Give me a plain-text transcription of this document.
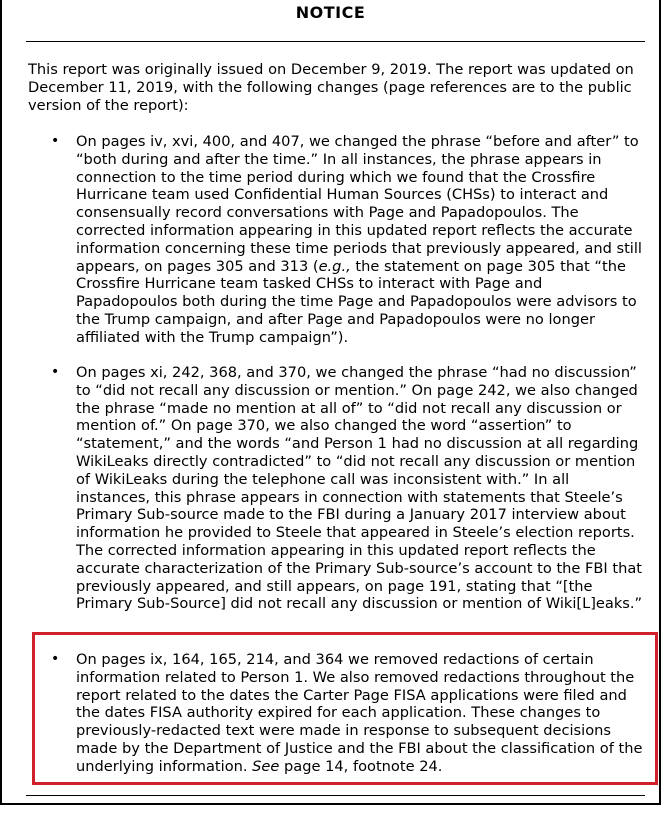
NOTICE
This report was originally issued on December 9, 2019. The report was updated on December 11, 2019, with the following changes (page references are to the public version of the report):
• On pages iv, xvi, 400, and 407, we changed the phrase “before and after” to “both during and after the time.” In all instances, the phrase appears in connection to the time period during which we found that the Crossfire Hurricane team used Confidential Human Sources (CHSs) to interact and consensually record conversations with Page and Papadopoulos. The corrected information appearing in this updated report reflects the accurate information concerning these time periods that previously appeared, and still appears, on pages 305 and 313 (e.g., the statement on page 305 that “the Crossfire Hurricane team tasked CHSs to interact with Page and Papadopoulos both during the time Page and Papadopoulos were advisors to the Trump campaign, and after Page and Papadopoulos were no longer affiliated with the Trump campaign”).
• On pages xi, 242, 368, and 370, we changed the phrase “had no discussion” to “did not recall any discussion or mention.” On page 242, we also changed the phrase “made no mention at all of” to “did not recall any discussion or mention of.” On page 370, we also changed the word “assertion” to “statement,” and the words “and Person 1 had no discussion at all regarding WikiLeaks directly contradicted” to “did not recall any discussion or mention of WikiLeaks during the telephone call was inconsistent with.” In all instances, this phrase appears in connection with statements that Steele’s Primary Sub-source made to the FBI during a January 2017 interview about information he provided to Steele that appeared in Steele’s election reports. The corrected information appearing in this updated report reflects the accurate characterization of the Primary Sub-source’s account to the FBI that previously appeared, and still appears, on page 191, stating that “[the Primary Sub-Source] did not recall any discussion or mention of Wiki[L]eaks.”
• On pages ix, 164, 165, 214, and 364 we removed redactions of certain information related to Person 1. We also removed redactions throughout the report related to the dates the Carter Page FISA applications were filed and the dates FISA authority expired for each application. These changes to previously-redacted text were made in response to subsequent decisions made by the Department of Justice and the FBI about the classification of the underlying information. See page 14, footnote 24.
